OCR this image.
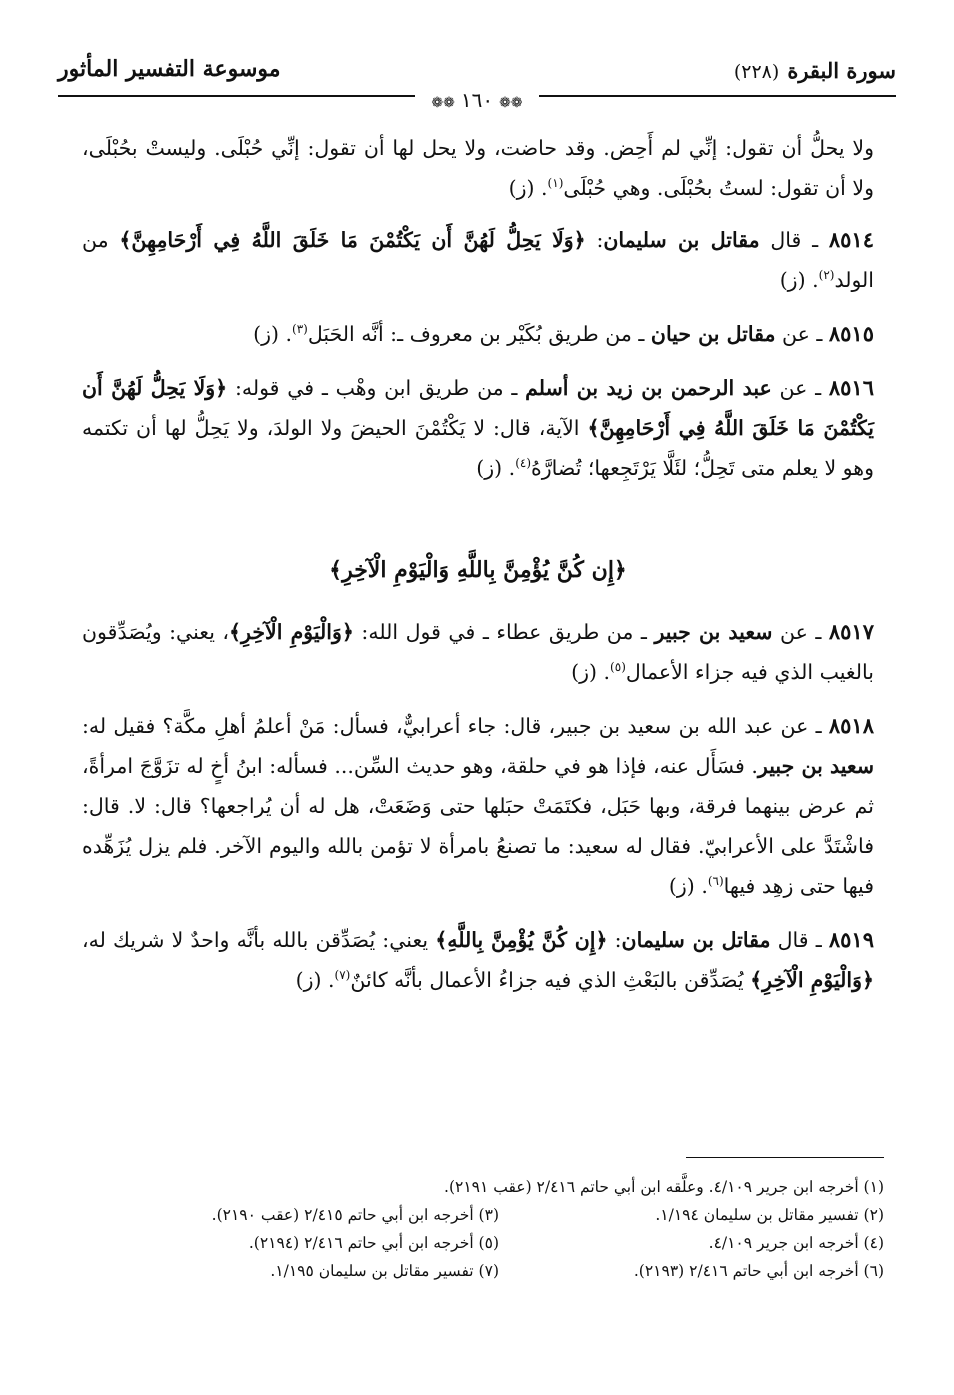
سورة البقرة(٢٢٨)
موسوعة التفسير المأثور
❁❁١٦٠❁❁

ولا يحلُّ أن تقول: إنِّي لم أَحِض. وقد حاضت، ولا يحل لها أن تقول: إنِّي حُبْلَى. وليستْ بحُبْلَى، ولا أن تقول: لستُ بحُبْلَى. وهي حُبْلَى$^{(١)}$. (ز)

٨٥١٤ ـ قال مقاتل بن سليمان: ﴿وَلَا يَحِلُّ لَهُنَّ أَن يَكْتُمْنَ مَا خَلَقَ اللَّهُ فِي أَرْحَامِهِنَّ﴾ من الولد$^{(٢)}$. (ز)

٨٥١٥ ـ عن مقاتل بن حيان ـ من طريق بُكَيْر بن معروف ـ: أنَّه الحَبَل$^{(٣)}$. (ز)

٨٥١٦ ـ عن عبد الرحمن بن زيد بن أسلم ـ من طريق ابن وهْب ـ في قوله: ﴿وَلَا يَحِلُّ لَهُنَّ أَن يَكْتُمْنَ مَا خَلَقَ اللَّهُ فِي أَرْحَامِهِنَّ﴾ الآية، قال: لا يَكْتُمْنَ الحيضَ ولا الولدَ، ولا يَحِلُّ لها أن تكتمه وهو لا يعلم متى تَحِلُّ؛ لئَلَّا يَرْتَجِعها؛ تُضارَّهُ$^{(٤)}$. (ز)

﴿إِن كُنَّ يُؤْمِنَّ بِاللَّهِ وَالْيَوْمِ الْآخِرِ﴾

٨٥١٧ ـ عن سعيد بن جبير ـ من طريق عطاء ـ في قول الله: ﴿وَالْيَوْمِ الْآخِرِ﴾، يعني: ويُصَدِّقون بالغيب الذي فيه جزاء الأعمال$^{(٥)}$. (ز)

٨٥١٨ ـ عن عبد الله بن سعيد بن جبير، قال: جاء أعرابيٌّ، فسأل: مَنْ أعلمُ أهلِ مكَّة؟ فقيل له: سعيد بن جبير. فسَأَل عنه، فإذا هو في حلقة، وهو حديث السِّن... فسأله: ابنُ أخٍ له تزَوَّجَ امرأةً، ثم عرض بينهما فرقة، وبها حَبَل، فكتَمَتْ حبَلها حتى وَضَعَتْ، هل له أن يُراجعها؟ قال: لا. قال: فاشْتَدَّ على الأعرابيّ. فقال له سعيد: ما تصنعُ بامرأة لا تؤمن بالله واليوم الآخر. فلم يزل يُزَهِّده فيها حتى زهِد فيها$^{(٦)}$. (ز)

٨٥١٩ ـ قال مقاتل بن سليمان: ﴿إِن كُنَّ يُؤْمِنَّ بِاللَّهِ﴾ يعني: يُصَدِّقن بالله بأنَّه واحدٌ لا شريك له، ﴿وَالْيَوْمِ الْآخِرِ﴾ يُصَدِّقن بالبَعْثِ الذي فيه جزاءُ الأعمال بأنَّه كائنٌ$^{(٧)}$. (ز)

(١) أخرجه ابن جرير ٤/١٠٩. وعلَّقه ابن أبي حاتم ٢/٤١٦ (عقب ٢١٩١).
(٢) تفسير مقاتل بن سليمان ١/١٩٤.
(٣) أخرجه ابن أبي حاتم ٢/٤١٥ (عقب ٢١٩٠).
(٤) أخرجه ابن جرير ٤/١٠٩.
(٥) أخرجه ابن أبي حاتم ٢/٤١٦ (٢١٩٤).
(٦) أخرجه ابن أبي حاتم ٢/٤١٦ (٢١٩٣).
(٧) تفسير مقاتل بن سليمان ١/١٩٥.
